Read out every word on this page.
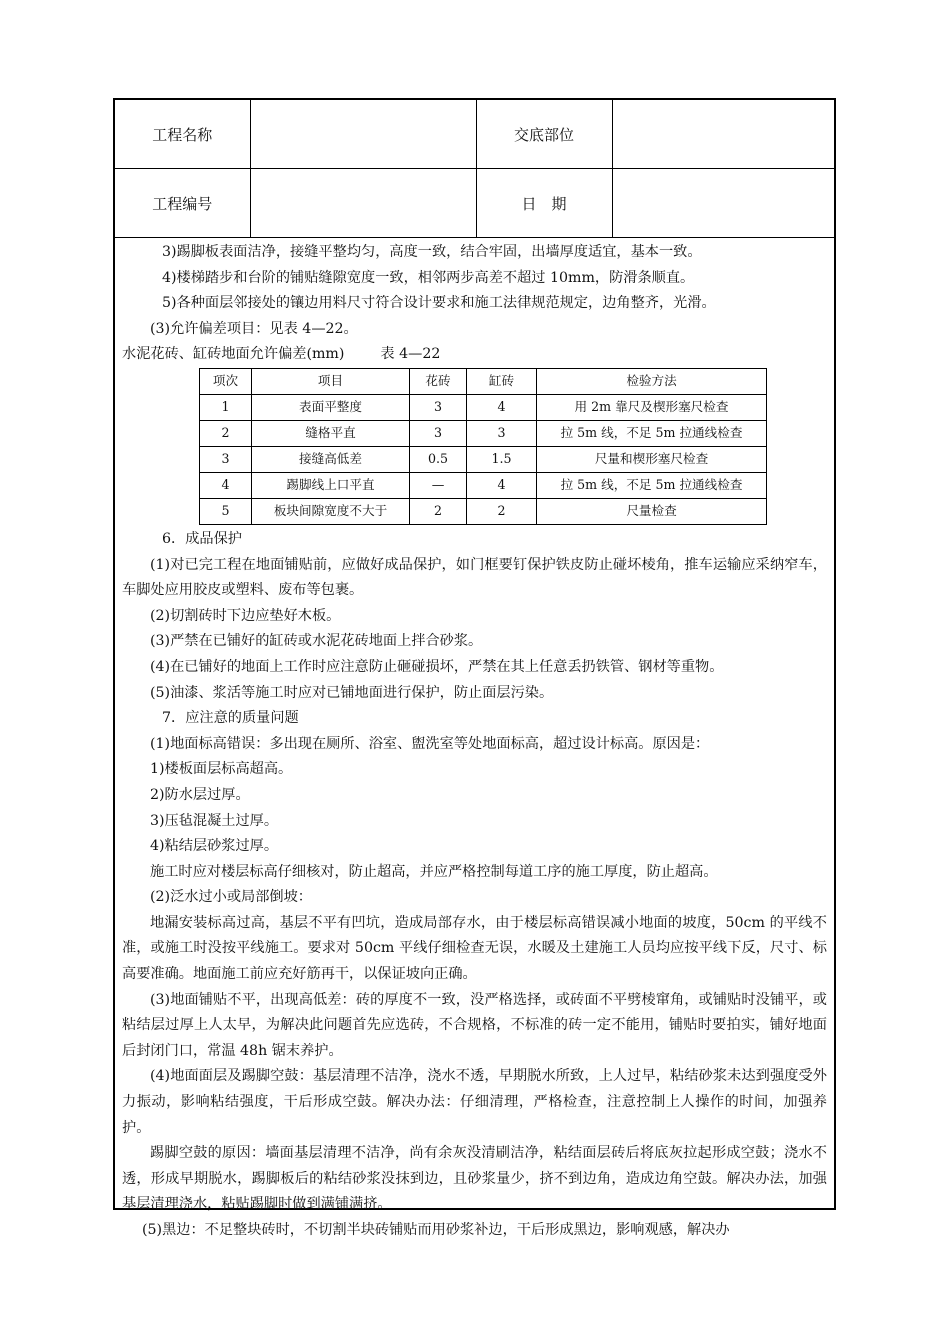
工程名称		交底部位	
工程编号		日　期	

3)踢脚板表面洁净，接缝平整均匀，高度一致，结合牢固，出墙厚度适宜，基本一致。

4)楼梯踏步和台阶的铺贴缝隙宽度一致，相邻两步高差不超过 10mm，防滑条顺直。

5)各种面层邻接处的镶边用料尺寸符合设计要求和施工法律规范规定，边角整齐，光滑。

(3)允许偏差项目：见表 4—22。

水泥花砖、缸砖地面允许偏差(mm)	表 4—22

项次	项目	花砖	缸砖	检验方法
1	表面平整度	3	4	用 2m 靠尺及楔形塞尺检查
2	缝格平直	3	3	拉 5m 线，不足 5m 拉通线检查
3	接缝高低差	0.5	1.5	尺量和楔形塞尺检查
4	踢脚线上口平直	—	4	拉 5m 线，不足 5m 拉通线检查
5	板块间隙宽度不大于	2	2	尺量检查

6．成品保护

(1)对已完工程在地面铺贴前，应做好成品保护，如门框要钉保护铁皮防止碰坏棱角，推车运输应采纳窄车，车脚处应用胶皮或塑料、废布等包裹。

(2)切割砖时下边应垫好木板。

(3)严禁在已铺好的缸砖或水泥花砖地面上拌合砂浆。

(4)在已铺好的地面上工作时应注意防止砸碰损坏，严禁在其上任意丢扔铁管、钢材等重物。

(5)油漆、浆活等施工时应对已铺地面进行保护，防止面层污染。

7．应注意的质量问题

(1)地面标高错误：多出现在厕所、浴室、盥洗室等处地面标高，超过设计标高。原因是：

1)楼板面层标高超高。

2)防水层过厚。

3)压毡混凝土过厚。

4)粘结层砂浆过厚。

施工时应对楼层标高仔细核对，防止超高，并应严格控制每道工序的施工厚度，防止超高。

(2)泛水过小或局部倒坡：

地漏安装标高过高，基层不平有凹坑，造成局部存水，由于楼层标高错误减小地面的坡度，50cm 的平线不准，或施工时没按平线施工。要求对 50cm 平线仔细检查无误，水暖及土建施工人员均应按平线下反，尺寸、标高要准确。地面施工前应充好筋再干，以保证坡向正确。

(3)地面铺贴不平，出现高低差：砖的厚度不一致，没严格选择，或砖面不平劈棱窜角，或铺贴时没铺平，或粘结层过厚上人太早，为解决此问题首先应选砖，不合规格，不标准的砖一定不能用，铺贴时要拍实，铺好地面后封闭门口，常温 48h 锯末养护。

(4)地面面层及踢脚空鼓：基层清理不洁净，浇水不透，早期脱水所致，上人过早，粘结砂浆未达到强度受外力振动，影响粘结强度，干后形成空鼓。解决办法：仔细清理，严格检查，注意控制上人操作的时间，加强养护。

踢脚空鼓的原因：墙面基层清理不洁净，尚有余灰没清刷洁净，粘结面层砖后将底灰拉起形成空鼓；浇水不透，形成早期脱水，踢脚板后的粘结砂浆没抹到边，且砂浆量少，挤不到边角，造成边角空鼓。解决办法，加强基层清理浇水，粘贴踢脚时做到满铺满挤。

(5)黑边：不足整块砖时，不切割半块砖铺贴而用砂浆补边，干后形成黑边，影响观感，解决办
